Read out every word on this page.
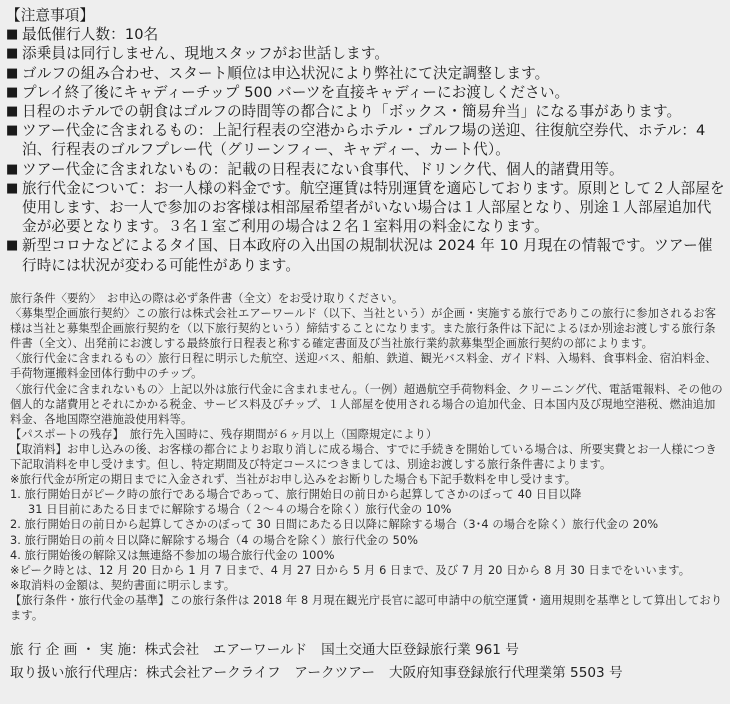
【注意事項】
■ 最低催行人数：10名
■ 添乗員は同行しません、現地スタッフがお世話します。
■ ゴルフの組み合わせ、スタート順位は申込状況により弊社にて決定調整します。
■ プレイ終了後にキャディーチップ 500 バーツを直接キャディーにお渡しください。
■ 日程のホテルでの朝食はゴルフの時間等の都合により「ボックス・簡易弁当」になる事があります。
■ ツアー代金に含まれるもの：上記行程表の空港からホテル・ゴルフ場の送迎、往復航空券代、ホテル：4 泊、行程表のゴルフプレー代（グリーンフィー、キャディー、カート代）。
■ ツアー代金に含まれないもの：記載の日程表にない食事代、ドリンク代、個人的諸費用等。
■ 旅行代金について：お一人様の料金です。航空運賃は特別運賃を適応しております。原則として２人部屋を使用します、お一人で参加のお客様は相部屋希望者がいない場合は１人部屋となり、別途１人部屋追加代金が必要となります。３名１室ご利用の場合は２名１室料用の料金になります。
■ 新型コロナなどによるタイ国、日本政府の入出国の規制状況は 2024 年 10 月現在の情報です。ツアー催行時には状況が変わる可能性があります。

旅行条件〈要約〉　お申込の際は必ず条件書（全文）をお受け取りください。

〈募集型企画旅行契約〉この旅行は株式会社エアーワールド（以下、当社という）が企画・実施する旅行でありこの旅行に参加されるお客様は当社と募集型企画旅行契約を（以下旅行契約という）締結することになります。また旅行条件は下記によるほか別途お渡しする旅行条件書（全文）、出発前にお渡しする最終旅行日程表と称する確定書面及び当社旅行業約款募集型企画旅行契約の部によります。

〈旅行代金に含まれるもの〉旅行日程に明示した航空、送迎バス、船舶、鉄道、観光バス料金、ガイド料、入場料、食事料金、宿泊料金、手荷物運搬料金団体行動中のチップ。

〈旅行代金に含まれないもの〉上記以外は旅行代金に含まれません。（一例）超過航空手荷物料金、クリーニング代、電話電報料、その他の個人的な諸費用とそれにかかる税金、サービス料及びチップ、１人部屋を使用される場合の追加代金、日本国内及び現地空港税、燃油追加料金、各地国際空港施設使用料等。

【パスポートの残存】　旅行先入国時に、残存期間が６ヶ月以上（国際規定により）

【取消料】お申し込みの後、お客様の都合によりお取り消しに成る場合、すでに手続きを開始している場合は、所要実費とお一人様につき下記取消料を申し受けます。但し、特定期間及び特定コースにつきましては、別途お渡しする旅行条件書によります。

※旅行代金が所定の期日までに入金されず、当社がお申し込みをお断りした場合も下記手数料を申し受けます。

1. 旅行開始日がピーク時の旅行である場合であって、旅行開始日の前日から起算してさかのぼって 40 日目以降

31 日目前にあたる日までに解除する場合（２～４の場合を除く）旅行代金の 10%

2. 旅行開始日の前日から起算してさかのぼって 30 日間にあたる日以降に解除する場合（3･4 の場合を除く）旅行代金の 20%

3. 旅行開始日の前々日以降に解除する場合（4 の場合を除く）旅行代金の 50%

4. 旅行開始後の解除又は無連絡不参加の場合旅行代金の 100%

※ピーク時とは、12 月 20 日から 1 月 7 日まで、4 月 27 日から 5 月 6 日まで、及び 7 月 20 日から 8 月 30 日までをいいます。

※取消料の金額は、契約書面に明示します。

【旅行条件・旅行代金の基準】この旅行条件は 2018 年 8 月現在観光庁長官に認可申請中の航空運賃・適用規則を基準として算出しております。

旅 行 企 画 ・ 実 施：株式会社　エアーワールド 国土交通大臣登録旅行業 961 号
取り扱い旅行代理店：株式会社アークライフ　アークツアー 大阪府知事登録旅行代理業第 5503 号
